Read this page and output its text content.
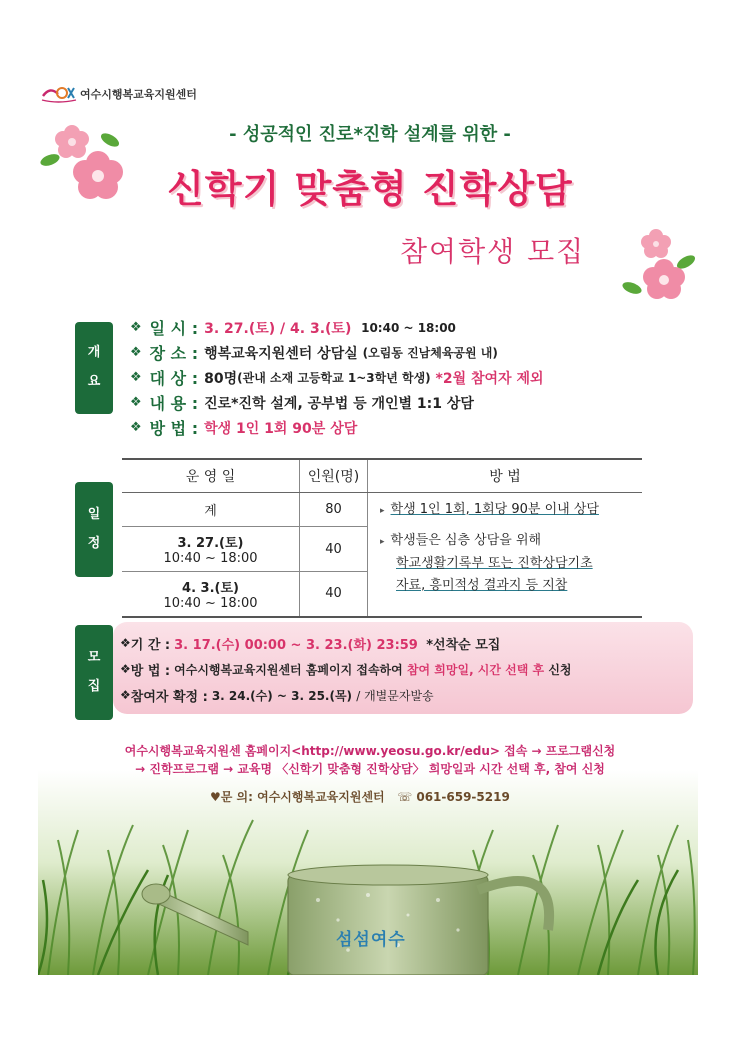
여수시행복교육지원센터
- 성공적인 진로*진학 설계를 위한 -
신학기 맞춤형 진학상담
참여학생 모집
개
요
❖ 일 시 : 3. 27.(토) / 4. 3.(토)
10:40 ~ 18:00
❖ 장 소 : 행복교육지원센터 상담실
(오림동 진남체육공원 내)
❖ 대 상 : 80명 (관내 소재 고등학교 1~3학년 학생)
*2월 참여자 제외
❖ 내 용 : 진로*진학 설계, 공부법 등 개인별 1:1 상담
❖ 방 법 : 학생 1인 1회 90분 상담
일
정
운 영 일	인원(명)	방 법
계	80	▸ 학생 1인 1회, 1회당 90분 이내 상담
▸ 학생들은 심층 상담을 위해
학교생활기록부 또는 진학상담기초
자료, 흥미적성 결과지 등 지참

3. 27.(토)
10:40 ~ 18:00	40	

4. 3.(토)
10:40 ~ 18:00	40	
모
집
❖ 기 간 : 3. 17.(수) 00:00 ~ 3. 23.(화) 23:59
*선착순 모집
❖ 방 법 : 여수시행복교육지원센터 홈페이지 접속하여
참여 희망일, 시간 선택 후
신청
❖ 참여자 확정 : 3. 24.(수) ~ 3. 25.(목)
/ 개별문자발송
섬섬여수
여수시행복교육지원센 홈페이지<http://www.yeosu.go.kr/edu> 접속 → 프로그램신청
→ 진학프로그램 → 교육명 〈신학기 맞춤형 진학상담〉 희망일과 시간 선택 후, 참여 신청
♥문 의: 여수시행복교육지원센터 ☏ 061-659-5219
